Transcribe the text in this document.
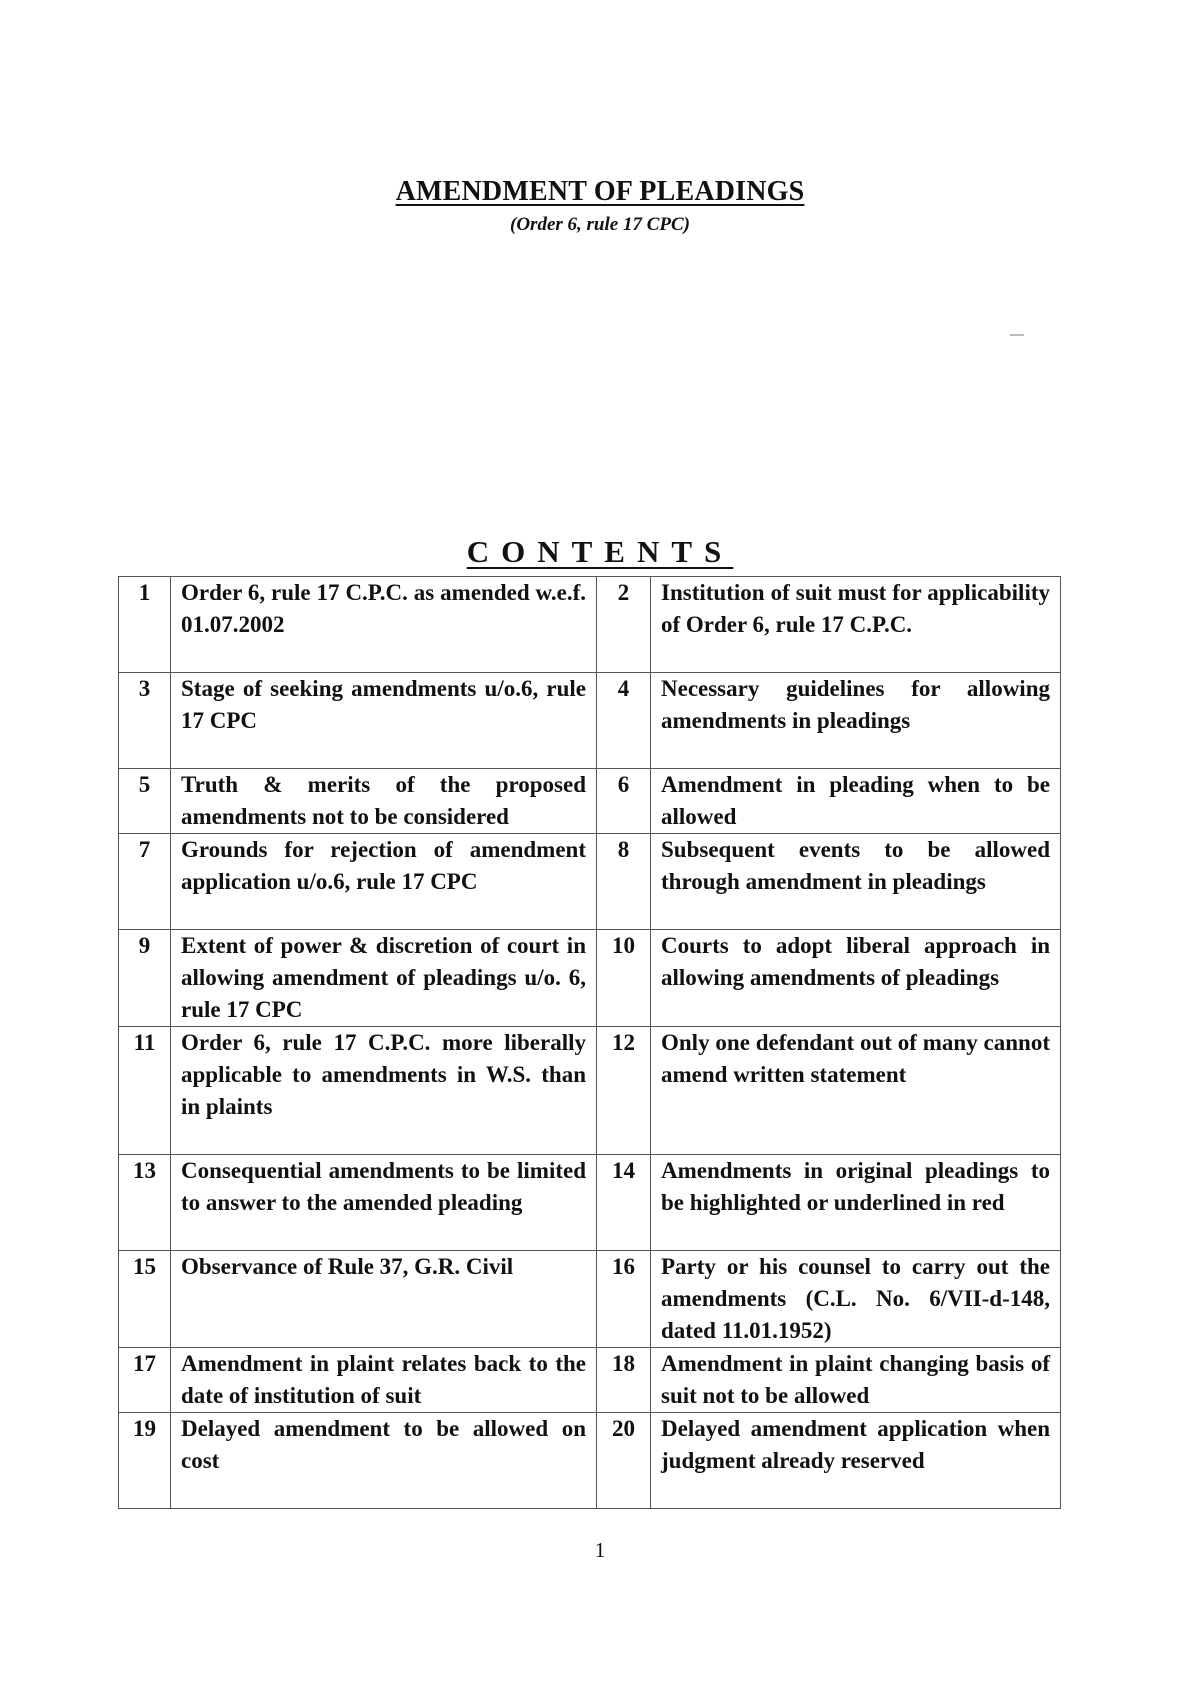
AMENDMENT OF PLEADINGS
(Order 6, rule 17 CPC)
CONTENTS
1	Order 6, rule 17 C.P.C. as amended w.e.f. 01.07.2002	2	Institution of suit must for applicability of Order 6, rule 17 C.P.C.
3	Stage of seeking amendments u/o.6, rule 17 CPC	4	Necessary guidelines for allowing amendments in pleadings
5	Truth & merits of the proposed amendments not to be considered	6	Amendment in pleading when to be allowed
7	Grounds for rejection of amendment application u/o.6, rule 17 CPC	8	Subsequent events to be allowed through amendment in pleadings
9	Extent of power & discretion of court in allowing amendment of pleadings u/o. 6, rule 17 CPC	10	Courts to adopt liberal approach in allowing amendments of pleadings
11	Order 6, rule 17 C.P.C. more liberally applicable to amendments in W.S. than in plaints	12	Only one defendant out of many cannot amend written statement
13	Consequential amendments to be limited to answer to the amended pleading	14	Amendments in original pleadings to be highlighted or underlined in red
15	Observance of Rule 37, G.R. Civil	16	Party or his counsel to carry out the amendments (C.L. No. 6/VII-d-148, dated 11.01.1952)
17	Amendment in plaint relates back to the date of institution of suit	18	Amendment in plaint changing basis of suit not to be allowed
19	Delayed amendment to be allowed on cost	20	Delayed amendment application when judgment already reserved
1
